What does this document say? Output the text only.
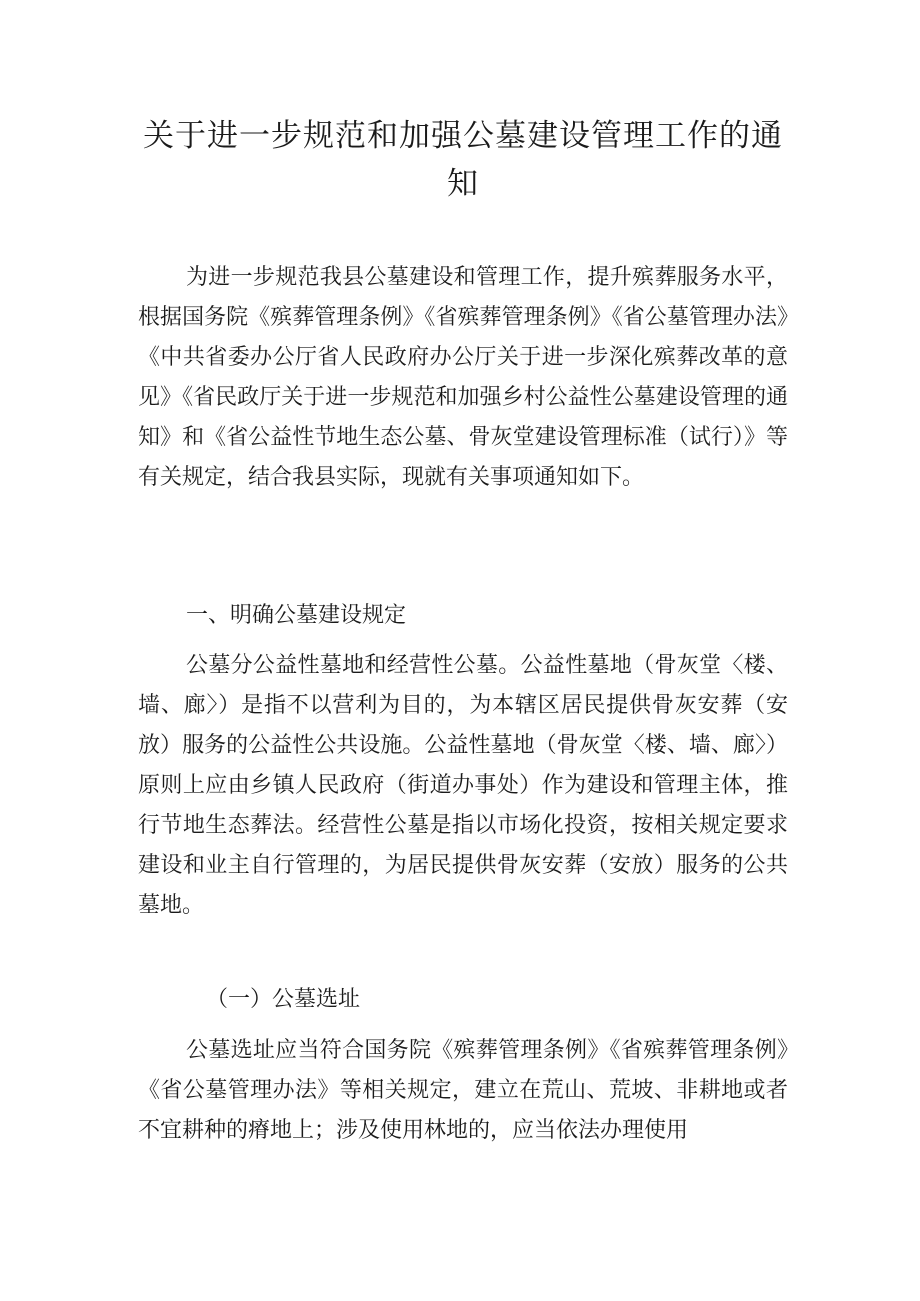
关于进一步规范和加强公墓建设管理工作的通知

为进一步规范我县公墓建设和管理工作，提升殡葬服务水平，根据国务院《殡葬管理条例》《省殡葬管理条例》《省公墓管理办法》《中共省委办公厅省人民政府办公厅关于进一步深化殡葬改革的意见》《省民政厅关于进一步规范和加强乡村公益性公墓建设管理的通知》和《省公益性节地生态公墓、骨灰堂建设管理标准（试行）》等有关规定，结合我县实际，现就有关事项通知如下。

一、明确公墓建设规定

公墓分公益性墓地和经营性公墓。公益性墓地（骨灰堂〈楼、墙、廊〉）是指不以营利为目的，为本辖区居民提供骨灰安葬（安放）服务的公益性公共设施。公益性墓地（骨灰堂〈楼、墙、廊〉）原则上应由乡镇人民政府（街道办事处）作为建设和管理主体，推行节地生态葬法。经营性公墓是指以市场化投资，按相关规定要求建设和业主自行管理的，为居民提供骨灰安葬（安放）服务的公共墓地。

（一）公墓选址

公墓选址应当符合国务院《殡葬管理条例》《省殡葬管理条例》《省公墓管理办法》等相关规定，建立在荒山、荒坡、非耕地或者不宜耕种的瘠地上；涉及使用林地的，应当依法办理使用
